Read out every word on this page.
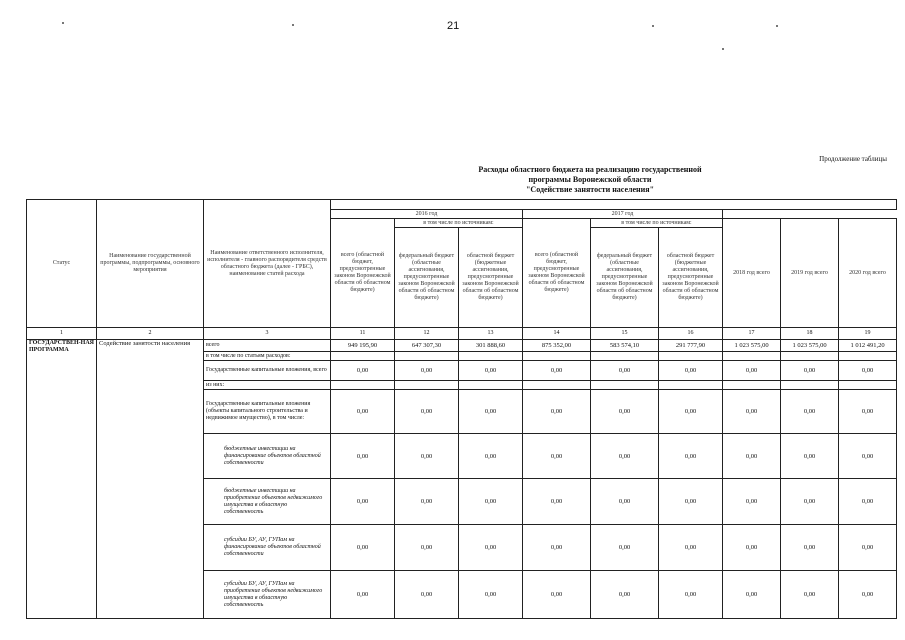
21
Продолжение таблицы
Расходы областного бюджета на реализацию государственной
программы Воронежской области
"Содействие занятости населения"
Статус	Наименование государственной программы, подпрограммы, основного мероприятия	Наименование ответственного исполнителя, исполнителя - главного распорядителя средств областного бюджета (далее - ГРБС), наименование статей расхода									
			2016 год			2017 год					
			всего (областной бюджет, предусмотренные законом Воронежской области об областном бюджете)	в том числе по источникам:		всего (областной бюджет, предусмотренные законом Воронежской области об областном бюджете)	в том числе по источникам:		2018 год всего	2019 год всего	2020 год всего
				федеральный бюджет (областные ассигнования, предусмотренные законом Воронежской области об областном бюджете)	областной бюджет (бюджетные ассигнования, предусмотренные законом Воронежской области об областном бюджете)		федеральный бюджет (областные ассигнования, предусмотренные законом Воронежской области об областном бюджете)	областной бюджет (бюджетные ассигнования, предусмотренные законом Воронежской области об областном бюджете)			
1	2	3	11	12	13	14	15	16	17	18	19
ГОСУДАРСТВЕН-НАЯ ПРОГРАММА	Содействие занятости населения	всего	949 195,90	647 307,30	301 888,60	875 352,00	583 574,10	291 777,90	1 023 575,00	1 023 575,00	1 012 491,20
		в том числе по статьям расходов:									
		Государственные капитальные вложения, всего	0,00	0,00	0,00	0,00	0,00	0,00	0,00	0,00	0,00
		из них:									
		Государственные капитальные вложения (объекты капитального строительства и недвижимое имущество), в том числе:	0,00	0,00	0,00	0,00	0,00	0,00	0,00	0,00	0,00
		бюджетные инвестиции на финансирование объектов областной собственности	0,00	0,00	0,00	0,00	0,00	0,00	0,00	0,00	0,00
		бюджетные инвестиции на приобретение объектов недвижимого имущества в областную собственность	0,00	0,00	0,00	0,00	0,00	0,00	0,00	0,00	0,00
		субсидии БУ, АУ, ГУПам на финансирование объектов областной собственности	0,00	0,00	0,00	0,00	0,00	0,00	0,00	0,00	0,00
		субсидии БУ, АУ, ГУПам на приобретение объектов недвижимого имущества в областную собственность	0,00	0,00	0,00	0,00	0,00	0,00	0,00	0,00	0,00
